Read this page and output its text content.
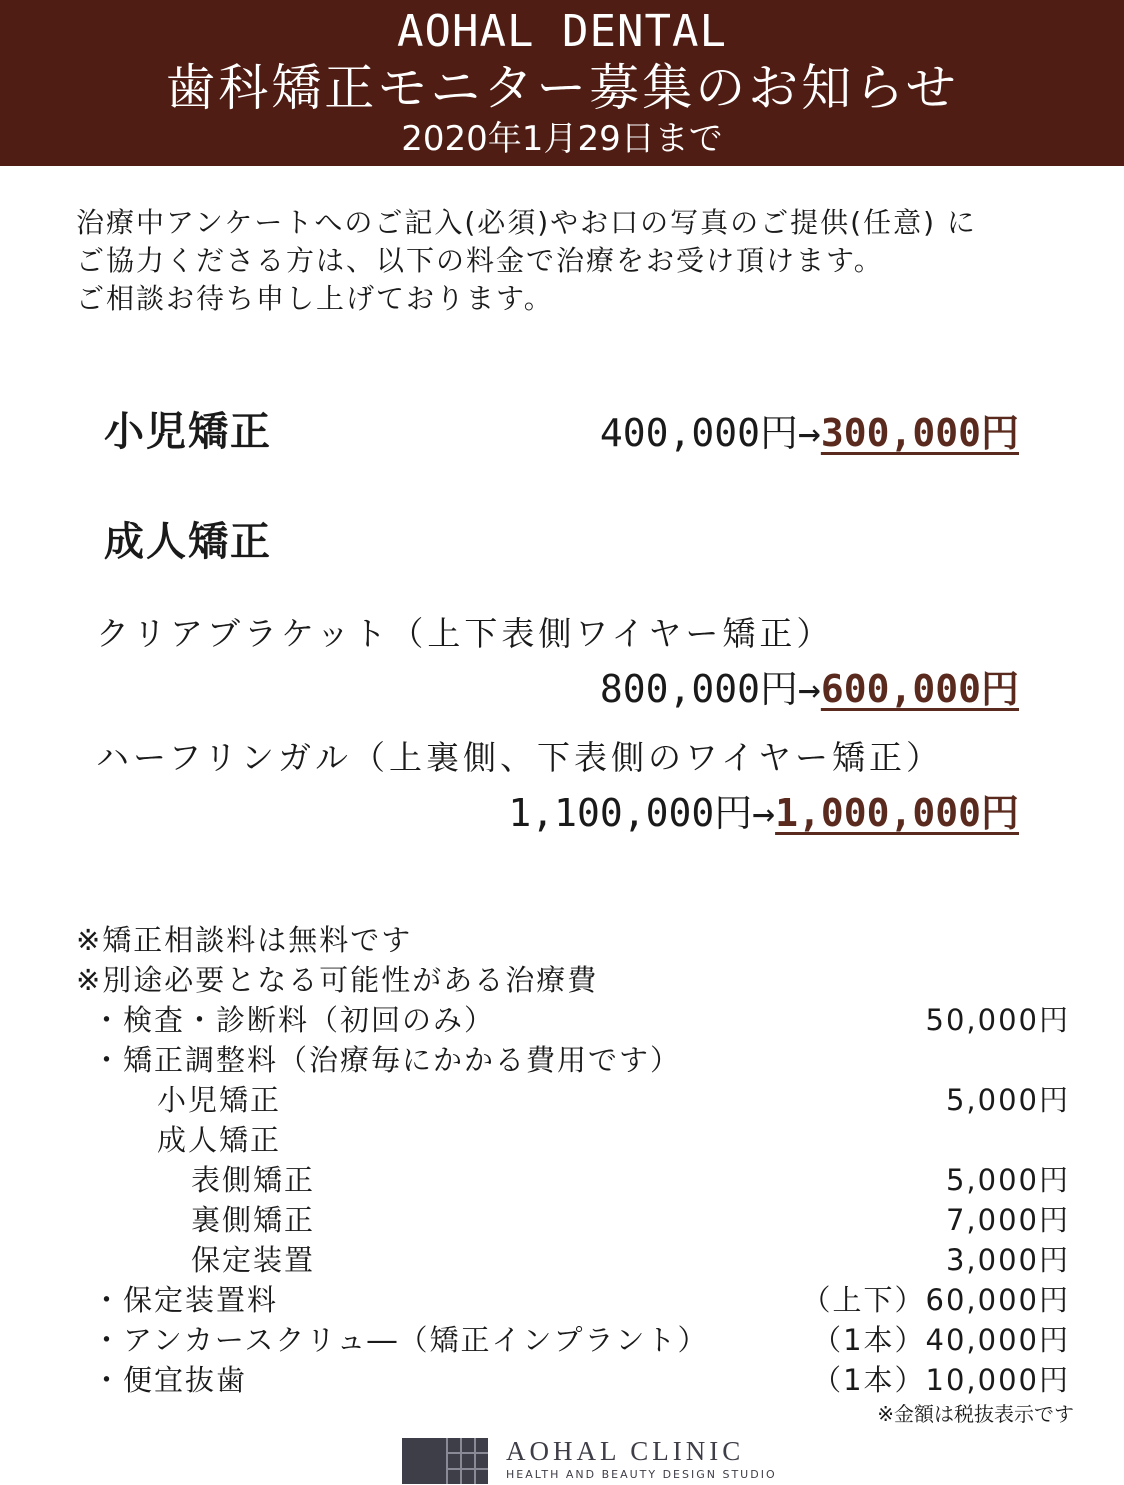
AOHAL DENTAL
歯科矯正モニター募集のお知らせ
2020年1月29日まで
治療中アンケートへのご記入(必須)やお口の写真のご提供(任意) に
ご協力くださる方は、以下の料金で治療をお受け頂けます。
ご相談お待ち申し上げております。
小児矯正	400,000円→300,000円
成人矯正
クリアブラケット（上下表側ワイヤー矯正）
800,000円→600,000円
ハーフリンガル（上裏側、下表側のワイヤー矯正）
1,100,000円→1,000,000円
※矯正相談料は無料です
※別途必要となる可能性がある治療費
・検査・診断料（初回のみ）	50,000円
・矯正調整料（治療毎にかかる費用です）
小児矯正	5,000円
成人矯正
表側矯正	5,000円
裏側矯正	7,000円
保定装置	3,000円
・保定装置料	（上下）60,000円
・アンカースクリュ―（矯正インプラント）	（1本）40,000円
・便宜抜歯	（1本）10,000円
※金額は税抜表示です
AOHAL CLINIC
HEALTH AND BEAUTY DESIGN STUDIO
